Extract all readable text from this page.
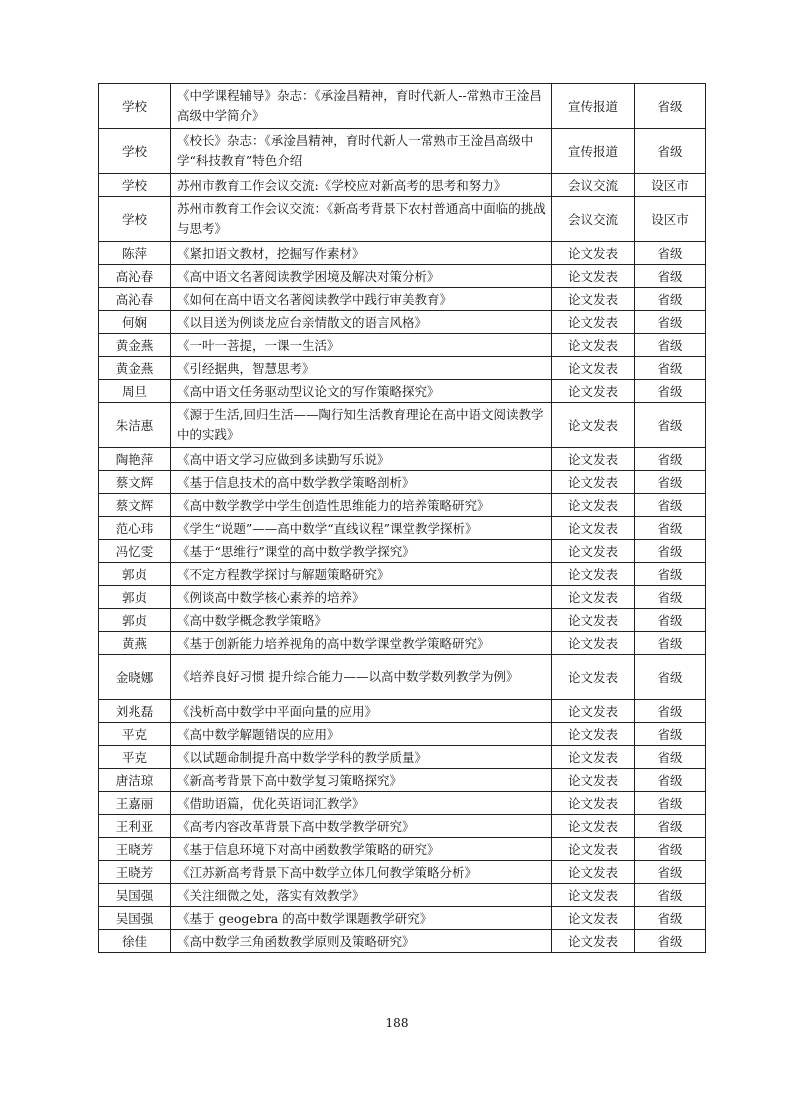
学校	《中学课程辅导》杂志：《承淦昌精神，育时代新人--常熟市王淦昌高级中学简介》	宣传报道	省级
学校	《校长》杂志：《承淦昌精神，育时代新人一常熟市王淦昌高级中学“科技教育”特色介绍	宣传报道	省级
学校	苏州市教育工作会议交流:《学校应对新高考的思考和努力》	会议交流	设区市
学校	苏州市教育工作会议交流：《新高考背景下农村普通高中面临的挑战与思考》	会议交流	设区市
陈萍	《紧扣语文教材，挖掘写作素材》	论文发表	省级
高沁春	《高中语文名著阅读教学困境及解决对策分析》	论文发表	省级
高沁春	《如何在高中语文名著阅读教学中践行审美教育》	论文发表	省级
何娴	《以目送为例谈龙应台亲情散文的语言风格》	论文发表	省级
黄金燕	《一叶一菩提，一课一生活》	论文发表	省级
黄金燕	《引经据典，智慧思考》	论文发表	省级
周旦	《高中语文任务驱动型议论文的写作策略探究》	论文发表	省级
朱洁惠	《源于生活,回归生活——陶行知生活教育理论在高中语文阅读教学中的实践》	论文发表	省级
陶艳萍	《高中语文学习应做到多读勤写乐说》	论文发表	省级
蔡文辉	《基于信息技术的高中数学教学策略剖析》	论文发表	省级
蔡文辉	《高中数学教学中学生创造性思维能力的培养策略研究》	论文发表	省级
范心玮	《学生“说题”——高中数学“直线议程”课堂教学探析》	论文发表	省级
冯忆雯	《基于“思维行”课堂的高中数学教学探究》	论文发表	省级
郭贞	《不定方程教学探讨与解题策略研究》	论文发表	省级
郭贞	《例谈高中数学核心素养的培养》	论文发表	省级
郭贞	《高中数学概念教学策略》	论文发表	省级
黄燕	《基于创新能力培养视角的高中数学课堂教学策略研究》	论文发表	省级
金晓娜	《培养良好习惯 提升综合能力——以高中数学数列教学为例》	论文发表	省级
刘兆磊	《浅析高中数学中平面向量的应用》	论文发表	省级
平克	《高中数学解题错误的应用》	论文发表	省级
平克	《以试题命制提升高中数学学科的教学质量》	论文发表	省级
唐洁琼	《新高考背景下高中数学复习策略探究》	论文发表	省级
王嘉丽	《借助语篇，优化英语词汇教学》	论文发表	省级
王利亚	《高考内容改革背景下高中数学教学研究》	论文发表	省级
王晓芳	《基于信息环境下对高中函数教学策略的研究》	论文发表	省级
王晓芳	《江苏新高考背景下高中数学立体几何教学策略分析》	论文发表	省级
吴国强	《关注细微之处，落实有效教学》	论文发表	省级
吴国强	《基于 geogebra 的高中数学课题教学研究》	论文发表	省级
徐佳	《高中数学三角函数教学原则及策略研究》	论文发表	省级
188
